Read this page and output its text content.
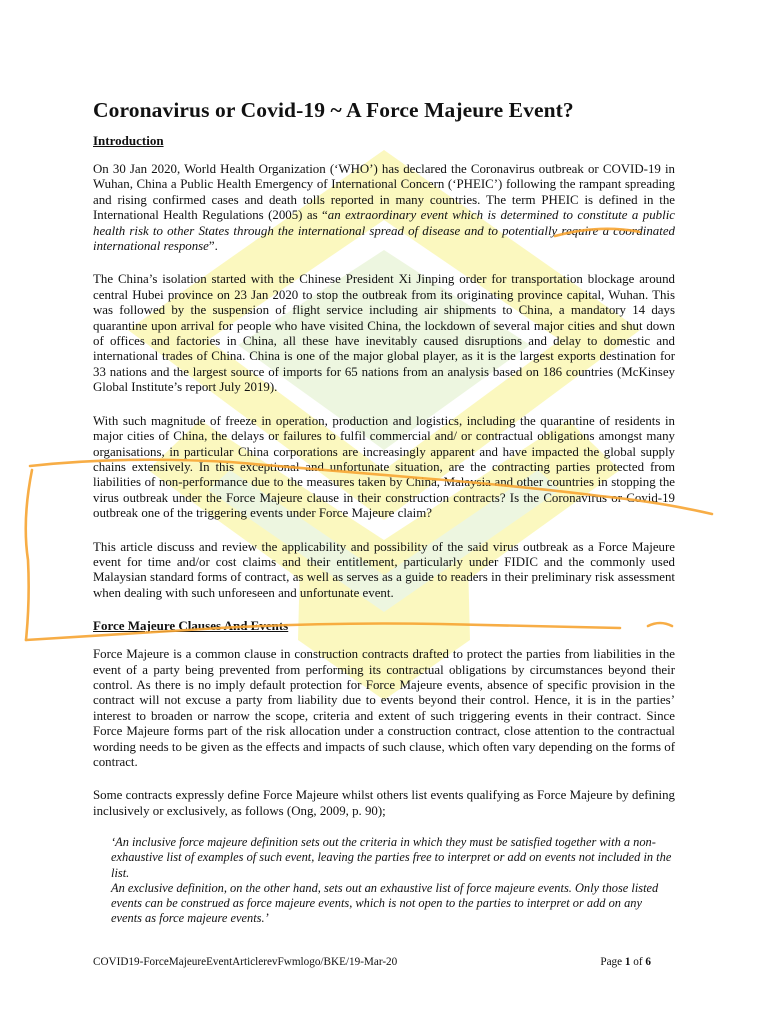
Coronavirus or Covid-19 ~ A Force Majeure Event?
Introduction

On 30 Jan 2020, World Health Organization (‘WHO’) has declared the Coronavirus outbreak or COVID-19 in Wuhan, China a Public Health Emergency of International Concern (‘PHEIC’) following the rampant spreading and rising confirmed cases and death tolls reported in many countries. The term PHEIC is defined in the International Health Regulations (2005) as “an extraordinary event which is determined to constitute a public health risk to other States through the international spread of disease and to potentially require a coordinated international response”.

The China’s isolation started with the Chinese President Xi Jinping order for transportation blockage around central Hubei province on 23 Jan 2020 to stop the outbreak from its originating province capital, Wuhan. This was followed by the suspension of flight service including air shipments to China, a mandatory 14 days quarantine upon arrival for people who have visited China, the lockdown of several major cities and shut down of offices and factories in China, all these have inevitably caused disruptions and delay to domestic and international trades of China. China is one of the major global player, as it is the largest exports destination for 33 nations and the largest source of imports for 65 nations from an analysis based on 186 countries (McKinsey Global Institute’s report July 2019).

With such magnitude of freeze in operation, production and logistics, including the quarantine of residents in major cities of China, the delays or failures to fulfil commercial and/ or contractual obligations amongst many organisations, in particular China corporations are increasingly apparent and have impacted the global supply chains extensively. In this exceptional and unfortunate situation, are the contracting parties protected from liabilities of non-performance due to the measures taken by China, Malaysia and other countries in stopping the virus outbreak under the Force Majeure clause in their construction contracts? Is the Coronavirus or Covid-19 outbreak one of the triggering events under Force Majeure claim?

This article discuss and review the applicability and possibility of the said virus outbreak as a Force Majeure event for time and/or cost claims and their entitlement, particularly under FIDIC and the commonly used Malaysian standard forms of contract, as well as serves as a guide to readers in their preliminary risk assessment when dealing with such unforeseen and unfortunate event.

Force Majeure Clauses And Events

Force Majeure is a common clause in construction contracts drafted to protect the parties from liabilities in the event of a party being prevented from performing its contractual obligations by circumstances beyond their control. As there is no imply default protection for Force Majeure events, absence of specific provision in the contract will not excuse a party from liability due to events beyond their control. Hence, it is in the parties’ interest to broaden or narrow the scope, criteria and extent of such triggering events in their contract. Since Force Majeure forms part of the risk allocation under a construction contract, close attention to the contractual wording needs to be given as the effects and impacts of such clause, which often vary depending on the forms of contract.

Some contracts expressly define Force Majeure whilst others list events qualifying as Force Majeure by defining inclusively or exclusively, as follows (Ong, 2009, p. 90);

‘An inclusive force majeure definition sets out the criteria in which they must be satisfied together with a non-exhaustive list of examples of such event, leaving the parties free to interpret or add on events not included in the list.

An exclusive definition, on the other hand, sets out an exhaustive list of force majeure events. Only those listed events can be construed as force majeure events, which is not open to the parties to interpret or add on any events as force majeure events.’

COVID19-ForceMajeureEventArticlerevFwmlogo/BKE/19-Mar-20	Page 1 of 6
